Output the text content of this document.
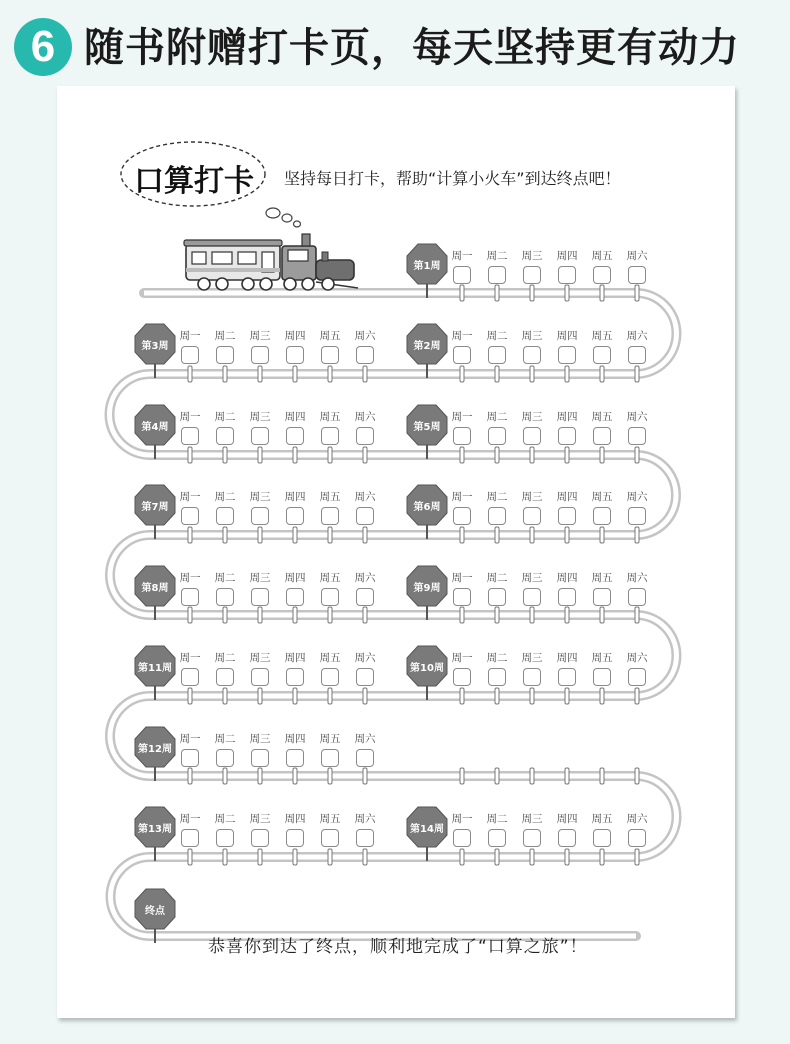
6 随书附赠打卡页，每天坚持更有动力
口算打卡	坚持每日打卡，帮助“计算小火车”到达终点吧！
第1周
第2周
第3周
第4周	第5周
第6周
第7周
第8周	第9周
第10周
第11周
第12周
第13周	第14周
终点
周一	周二	周三	周四	周五	周六
周一	周二	周三	周四	周五	周六
周一	周二	周三	周四	周五	周六
周一	周二	周三	周四	周五	周六	周一	周二	周三	周四	周五	周六
周一	周二	周三	周四	周五	周六
周一	周二	周三	周四	周五	周六
周一	周二	周三	周四	周五	周六	周一	周二	周三	周四	周五	周六
周一	周二	周三	周四	周五	周六
周一	周二	周三	周四	周五	周六
周一	周二	周三	周四	周五	周六
周一	周二	周三	周四	周五	周六	周一	周二	周三	周四	周五	周六
恭喜你到达了终点，顺利地完成了“口算之旅”！
